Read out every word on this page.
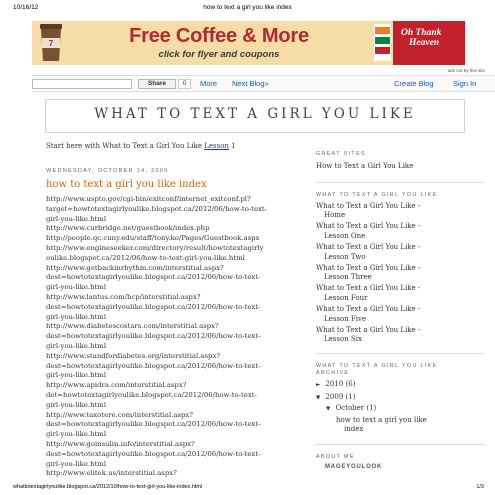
10/16/12	how to text a girl you like index
7	Free Coffee & More
click for flyer and coupons
Oh Thank
Heaven
ads not by this site
Share	0	More Next Blog»	Create Blog	Sign In
WHAT TO TEXT A GIRL YOU LIKE
Start here with What to Text a Girl You Like Lesson 1
WEDNESDAY, OCTOBER 14, 2009
how to text a girl you like index
http://www.uspto.gov/cgi-bin/exitconf/internet_exitconf.pl?
target=howtotextagirlyoulike.blogspot.ca/2012/06/how-to-text-
girl-you-like.html
http://www.curbridge.net/guestbook/index.php
http://people.qc.cuny.edu/staff/tony.ko/Pages/Guestbook.aspx
http://www.engineseeker.com/directory/result/howtotextagirly
oulike.blogspot.ca/2012/06/how-to-text-girl-you-like.html
http://www.getbackinrhythm.com/interstitial.aspx?
dest=howtotextagirlyoulike.blogspot.ca/2012/06/how-to-text-
girl-you-like.html
http://www.lantus.com/hcp/interstitial.aspx?
dest=howtotextagirlyoulike.blogspot.ca/2012/06/how-to-text-
girl-you-like.html
http://www.diabetescostars.com/interstitial.aspx?
dest=howtotextagirlyoulike.blogspot.ca/2012/06/how-to-text-
girl-you-like.html
http://www.standfordiabetes.org/interstitial.aspx?
dest=howtotextagirlyoulike.blogspot.ca/2012/06/how-to-text-
girl-you-like.html
http://www.apidra.com/interstitial.aspx?
det=howtotextagirlyoulike.blogspot.ca/2012/06/how-to-text-
girl-you-like.html
http://www.taxotere.com/interstitial.aspx?
dest=howtotextagirlyoulike.blogspot.ca/2012/06/how-to-text-
girl-you-like.html
http://www.goinsulin.info/interstitial.aspx?
dest=howtotextagirlyoulike.blogspot.ca/2012/06/how-to-text-
girl-you-like.html
http://www.elitek.us/interstitial.aspx?
GREAT SITES
How to Text a Girl You Like
WHAT TO TEXT A GIRL YOU LIKE
What to Text a Girl You Like -
Home
What to Text a Girl You Like -
Lesson One
What to Text a Girl You Like -
Lesson Two
What to Text a Girl You Like -
Lesson Three
What to Text a Girl You Like -
Lesson Four
What to Text a Girl You Like -
Lesson Five
What to Text a Girl You Like -
Lesson Six
WHAT TO TEXT A GIRL YOU LIKE
ARCHIVE
► 2010 (6)
▼ 2009 (1)
▼ October (1)
how to text a girl you like
index
ABOUT ME
MAGEYOULOOK
whattotextagirlyoulike.blogspot.ca/2012/10/how-to-text-girl-you-like-index.html	1/3
